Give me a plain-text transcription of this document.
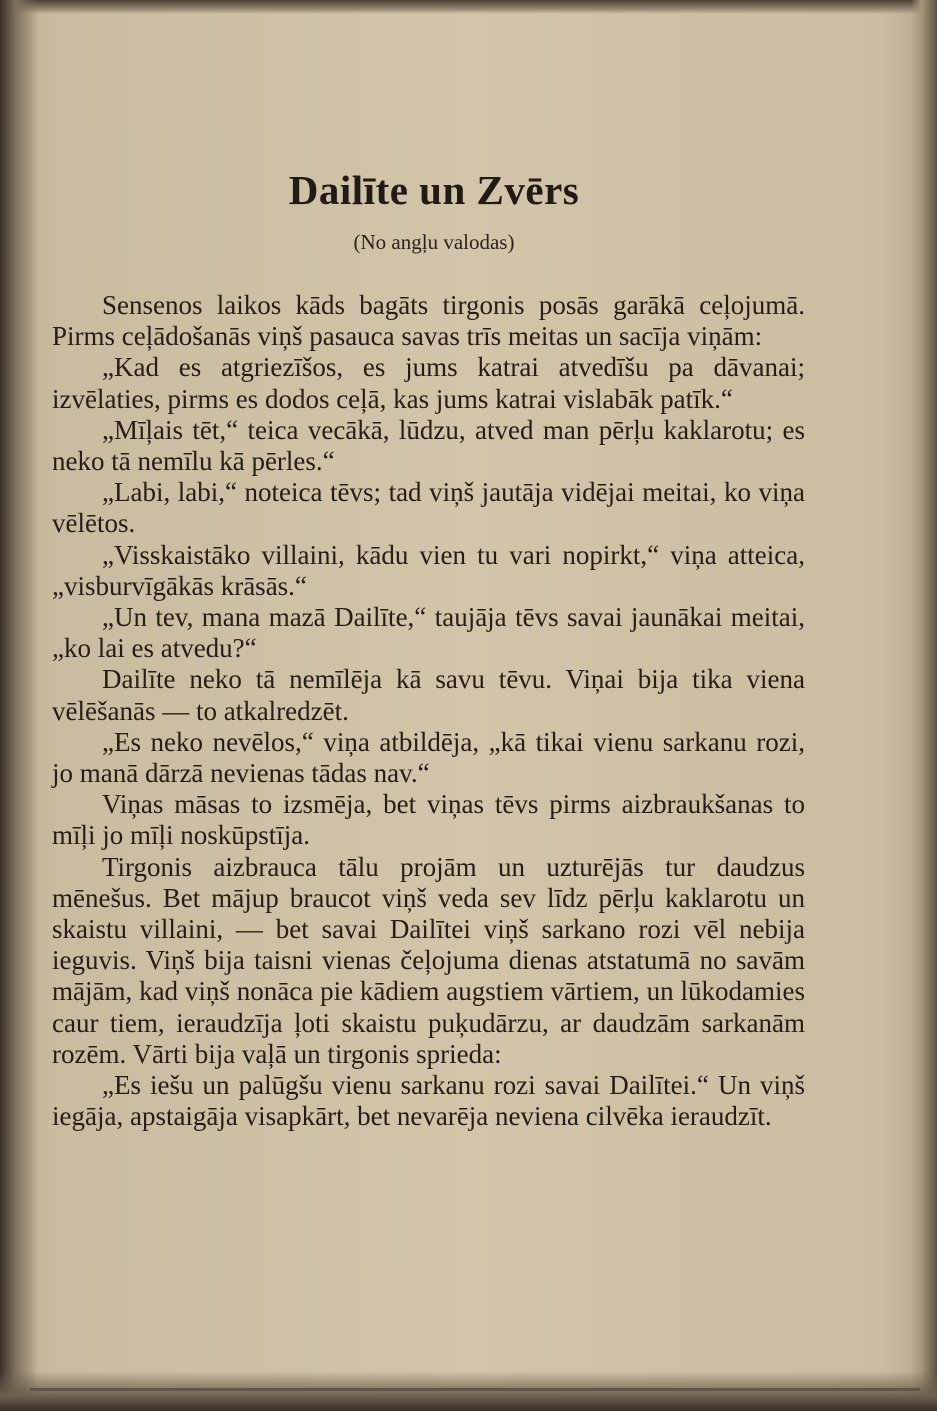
Dailīte un Zvērs
(No angļu valodas)

Sensenos laikos kāds bagāts tirgonis posās garākā ceļojumā. Pirms ceļādošanās viņš pasauca savas trīs meitas un sacīja viņām:

„Kad es atgriezīšos, es jums katrai atvedīšu pa dāvanai; izvēlaties, pirms es dodos ceļā, kas jums katrai vislabāk patīk.“

„Mīļais tēt,“ teica vecākā, lūdzu, atved man pērļu kaklarotu; es neko tā nemīlu kā pērles.“

„Labi, labi,“ noteica tēvs; tad viņš jautāja vidējai meitai, ko viņa vēlētos.

„Visskaistāko villaini, kādu vien tu vari nopirkt,“ viņa atteica, „visburvīgākās krāsās.“

„Un tev, mana mazā Dailīte,“ taujāja tēvs savai jaunākai meitai, „ko lai es atvedu?“

Dailīte neko tā nemīlēja kā savu tēvu. Viņai bija tika viena vēlēšanās — to atkalredzēt.

„Es neko nevēlos,“ viņa atbildēja, „kā tikai vienu sarkanu rozi, jo manā dārzā nevienas tādas nav.“

Viņas māsas to izsmēja, bet viņas tēvs pirms aizbraukšanas to mīļi jo mīļi noskūpstīja.

Tirgonis aizbrauca tālu projām un uzturējās tur daudzus mēnešus. Bet mājup braucot viņš veda sev līdz pērļu kaklarotu un skaistu villaini, — bet savai Dailītei viņš sarkano rozi vēl nebija ieguvis. Viņš bija taisni vienas čeļojuma dienas atstatumā no savām mājām, kad viņš nonāca pie kādiem augstiem vārtiem, un lūkodamies caur tiem, ieraudzīja ļoti skaistu puķudārzu, ar daudzām sarkanām rozēm. Vārti bija vaļā un tirgonis sprieda:

„Es iešu un palūgšu vienu sarkanu rozi savai Dailītei.“ Un viņš iegāja, apstaigāja visapkārt, bet nevarēja neviena cilvēka ieraudzīt.
